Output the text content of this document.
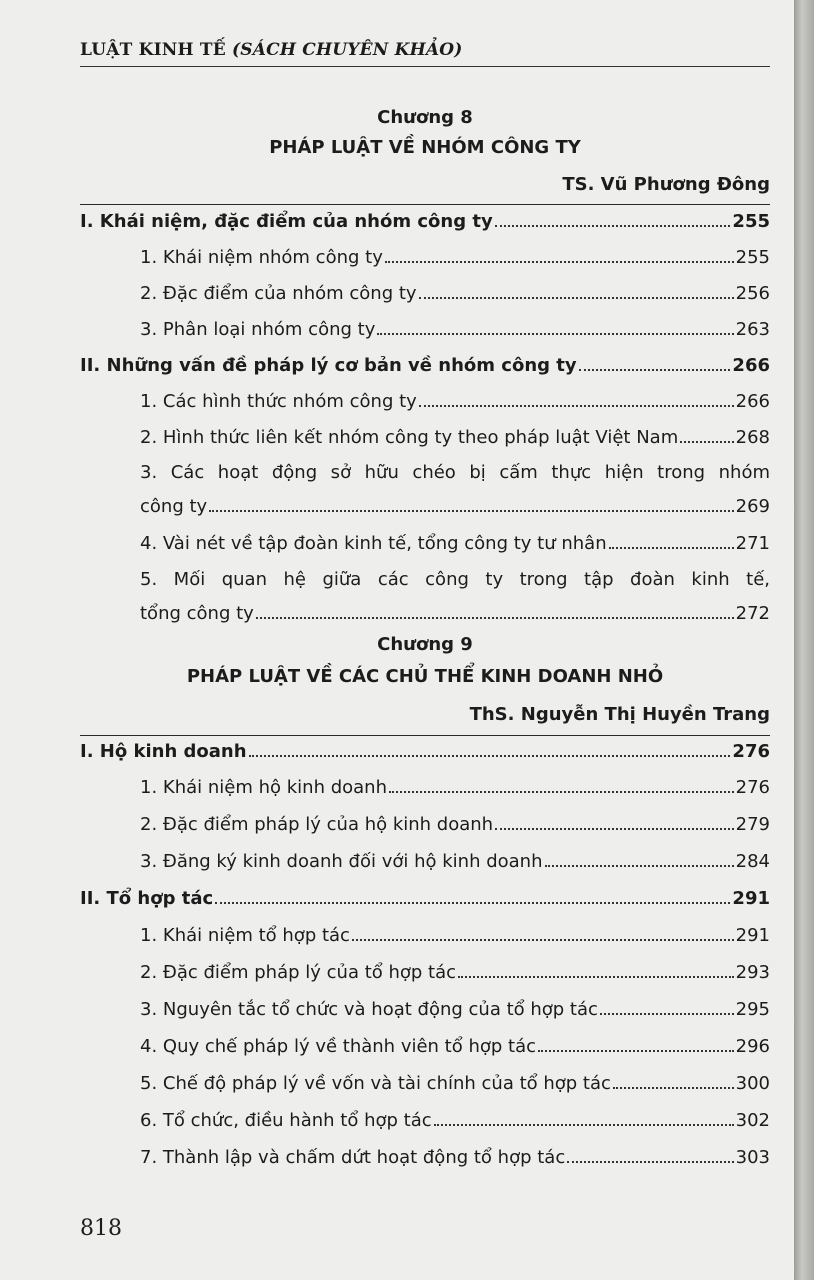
LUẬT KINH TẾ (SÁCH CHUYÊN KHẢO)
Chương 8
PHÁP LUẬT VỀ NHÓM CÔNG TY
TS. Vũ Phương Đông
I. Khái niệm, đặc điểm của nhóm công ty	255
1. Khái niệm nhóm công ty	255
2. Đặc điểm của nhóm công ty	256
3. Phân loại nhóm công ty	263
II. Những vấn đề pháp lý cơ bản về nhóm công ty	266
1. Các hình thức nhóm công ty	266
2. Hình thức liên kết nhóm công ty theo pháp luật Việt Nam	268
3. Các hoạt động sở hữu chéo bị cấm thực hiện trong nhóm
công ty	269
4. Vài nét về tập đoàn kinh tế, tổng công ty tư nhân	271
5. Mối quan hệ giữa các công ty trong tập đoàn kinh tế,
tổng công ty	272
Chương 9
PHÁP LUẬT VỀ CÁC CHỦ THỂ KINH DOANH NHỎ
ThS. Nguyễn Thị Huyền Trang
I. Hộ kinh doanh	276
1. Khái niệm hộ kinh doanh	276
2. Đặc điểm pháp lý của hộ kinh doanh	279
3. Đăng ký kinh doanh đối với hộ kinh doanh	284
II. Tổ hợp tác	291
1. Khái niệm tổ hợp tác	291
2. Đặc điểm pháp lý của tổ hợp tác	293
3. Nguyên tắc tổ chức và hoạt động của tổ hợp tác	295
4. Quy chế pháp lý về thành viên tổ hợp tác	296
5. Chế độ pháp lý về vốn và tài chính của tổ hợp tác	300
6. Tổ chức, điều hành tổ hợp tác	302
7. Thành lập và chấm dứt hoạt động tổ hợp tác	303
818
